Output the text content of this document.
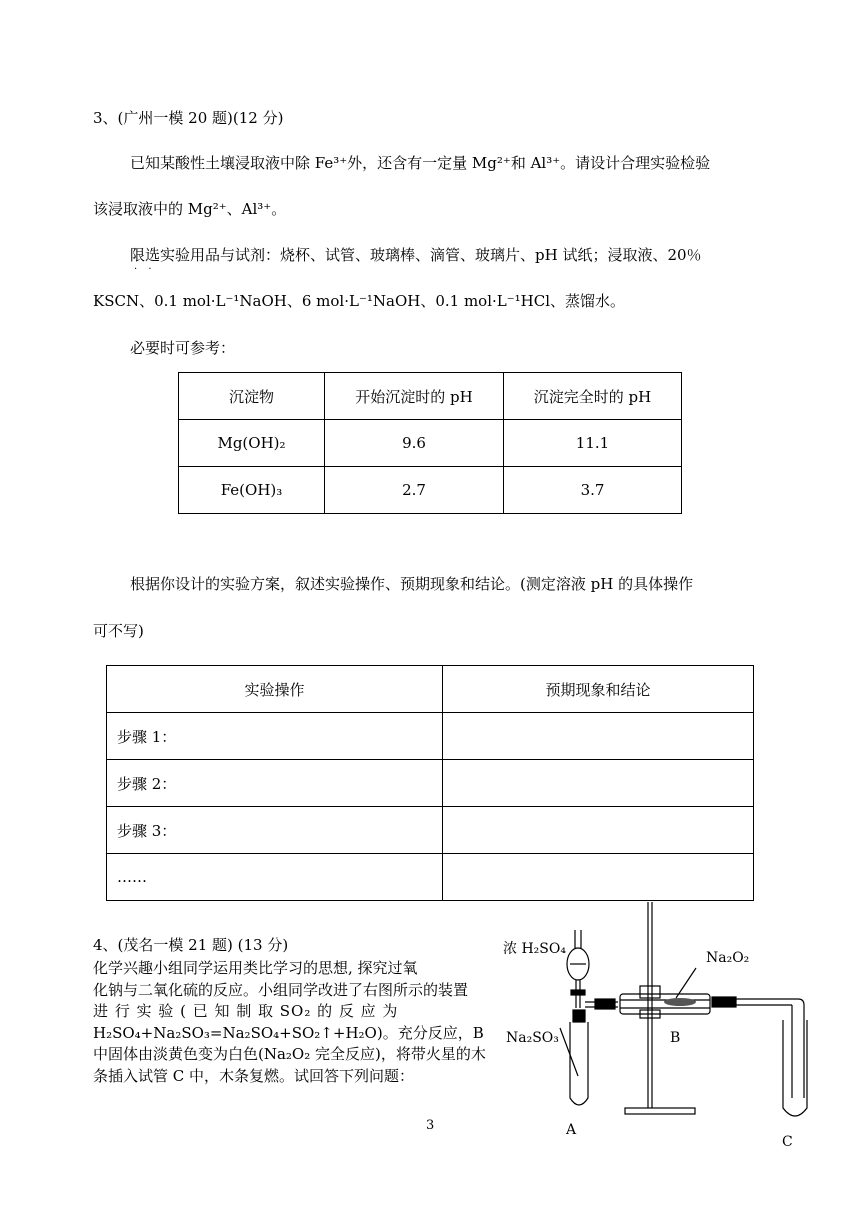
3、(广州一模 20 题)(12 分)
已知某酸性土壤浸取液中除 Fe³⁺外，还含有一定量 Mg²⁺和 Al³⁺。请设计合理实验检验
该浸取液中的 Mg²⁺、Al³⁺。
限选 · ·实验用品与试剂：烧杯、试管、玻璃棒、滴管、玻璃片、pH 试纸；浸取液、20％
KSCN、0.1 mol·L⁻¹NaOH、6 mol·L⁻¹NaOH、0.1 mol·L⁻¹HCl、蒸馏水。
必要时可参考：
沉淀物	开始沉淀时的 pH	沉淀完全时的 pH
Mg(OH)₂	9.6	11.1
Fe(OH)₃	2.7	3.7
根据你设计的实验方案，叙述实验操作、预期现象和结论。(测定溶液 pH 的具体操作
可不写)
实验操作	预期现象和结论
步骤 1：	
步骤 2：	
步骤 3：	
……	
4、(茂名一模 21 题) (13 分)
化学兴趣小组同学运用类比学习的思想, 探究过氧
化钠与二氧化硫的反应。小组同学改进了右图所示的装置
进 行 实 验 ( 已 知 制 取 SO₂ 的 反 应 为
H₂SO₄+Na₂SO₃=Na₂SO₄+SO₂↑+H₂O)。充分反应，B
中固体由淡黄色变为白色(Na₂O₂ 完全反应)，将带火星的木
条插入试管 C 中，木条复燃。试回答下列问题：
浓 H₂SO₄
Na₂O₂
Na₂SO₃	B
A
C
3
